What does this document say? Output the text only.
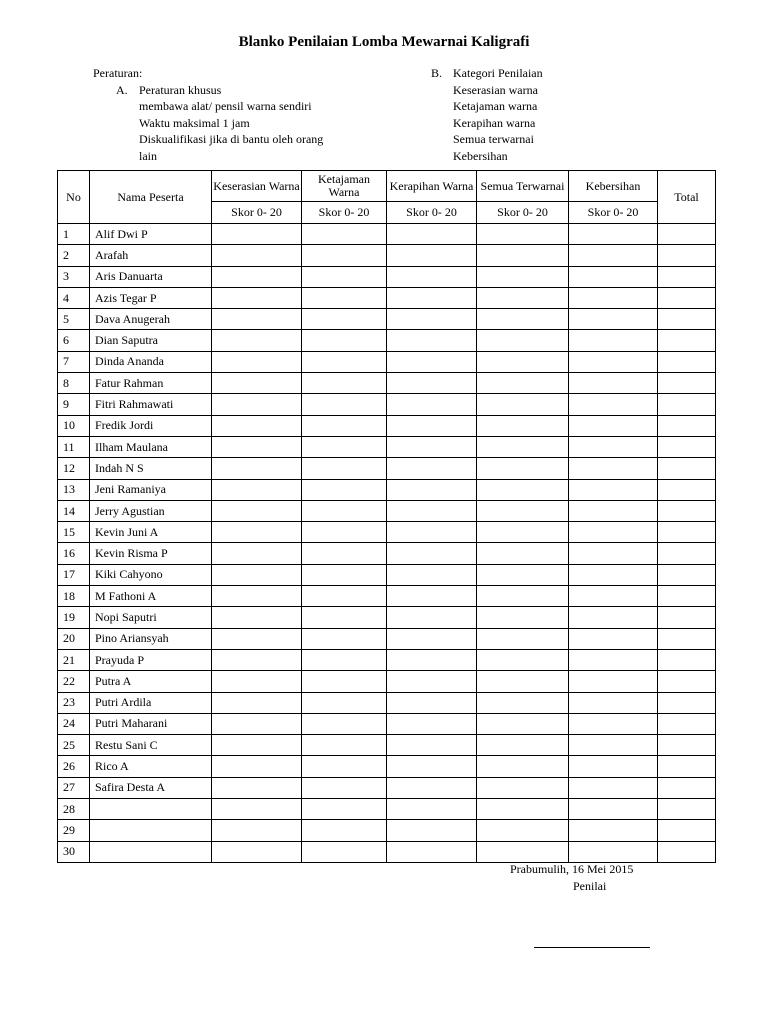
Blanko Penilaian Lomba Mewarnai Kaligrafi
Peraturan:
A. Peraturan khusus
membawa alat/ pensil warna sendiri
Waktu maksimal 1 jam
Diskualifikasi jika di bantu oleh orang
lain
B. Kategori Penilaian
Keserasian warna
Ketajaman warna
Kerapihan warna
Semua terwarnai
Kebersihan
No	Nama Peserta	Keserasian Warna	Ketajaman Warna	Kerapihan Warna	Semua Terwarnai	Kebersihan	Total
		Skor 0- 20	Skor 0- 20	Skor 0- 20	Skor 0- 20	Skor 0- 20	
1	Alif Dwi P						
2	Arafah						
3	Aris Danuarta						
4	Azis Tegar P						
5	Dava Anugerah						
6	Dian Saputra						
7	Dinda Ananda						
8	Fatur Rahman						
9	Fitri Rahmawati						
10	Fredik Jordi						
11	Ilham Maulana						
12	Indah N S						
13	Jeni Ramaniya						
14	Jerry Agustian						
15	Kevin Juni A						
16	Kevin Risma P						
17	Kiki Cahyono						
18	M Fathoni A						
19	Nopi Saputri						
20	Pino Ariansyah						
21	Prayuda P						
22	Putra A						
23	Putri Ardila						
24	Putri Maharani						
25	Restu Sani C						
26	Rico A						
27	Safira Desta A						
28							
29							
30							
Prabumulih, 16 Mei 2015
Penilai
